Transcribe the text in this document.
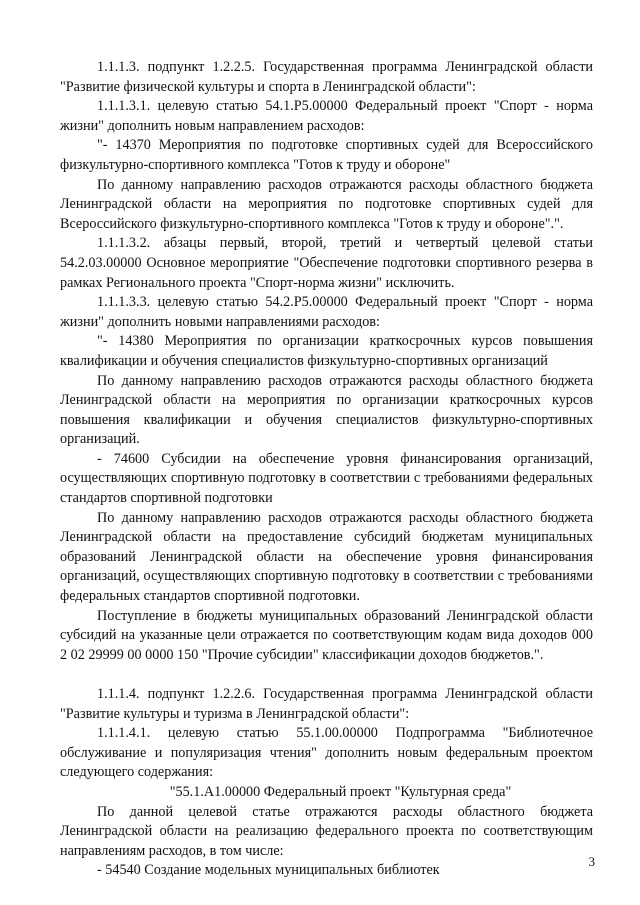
1.1.1.3. подпункт 1.2.2.5. Государственная программа Ленинградской области "Развитие физической культуры и спорта в Ленинградской области":

1.1.1.3.1. целевую статью 54.1.P5.00000 Федеральный проект "Спорт - норма жизни" дополнить новым направлением расходов:

"- 14370 Мероприятия по подготовке спортивных судей для Всероссийского физкультурно-спортивного комплекса "Готов к труду и обороне"

По данному направлению расходов отражаются расходы областного бюджета Ленинградской области на мероприятия по подготовке спортивных судей для Всероссийского физкультурно-спортивного комплекса "Готов к труду и обороне".".

1.1.1.3.2. абзацы первый, второй, третий и четвертый целевой статьи 54.2.03.00000 Основное мероприятие "Обеспечение подготовки спортивного резерва в рамках Регионального проекта "Спорт-норма жизни" исключить.

1.1.1.3.3. целевую статью 54.2.P5.00000 Федеральный проект "Спорт - норма жизни" дополнить новыми направлениями расходов:

"- 14380 Мероприятия по организации краткосрочных курсов повышения квалификации и обучения специалистов физкультурно-спортивных организаций

По данному направлению расходов отражаются расходы областного бюджета Ленинградской области на мероприятия по организации краткосрочных курсов повышения квалификации и обучения специалистов физкультурно-спортивных организаций.

- 74600 Субсидии на обеспечение уровня финансирования организаций, осуществляющих спортивную подготовку в соответствии с требованиями федеральных стандартов спортивной подготовки

По данному направлению расходов отражаются расходы областного бюджета Ленинградской области на предоставление субсидий бюджетам муниципальных образований Ленинградской области на обеспечение уровня финансирования организаций, осуществляющих спортивную подготовку в соответствии с требованиями федеральных стандартов спортивной подготовки.

Поступление в бюджеты муниципальных образований Ленинградской области субсидий на указанные цели отражается по соответствующим кодам вида доходов 000 2 02 29999 00 0000 150 "Прочие субсидии" классификации доходов бюджетов.".

1.1.1.4. подпункт 1.2.2.6. Государственная программа Ленинградской области "Развитие культуры и туризма в Ленинградской области":

1.1.1.4.1. целевую статью 55.1.00.00000 Подпрограмма "Библиотечное обслуживание и популяризация чтения" дополнить новым федеральным проектом следующего содержания:

"55.1.A1.00000 Федеральный проект "Культурная среда"

По данной целевой статье отражаются расходы областного бюджета Ленинградской области на реализацию федерального проекта по соответствующим направлениям расходов, в том числе:

- 54540 Создание модельных муниципальных библиотек

3
